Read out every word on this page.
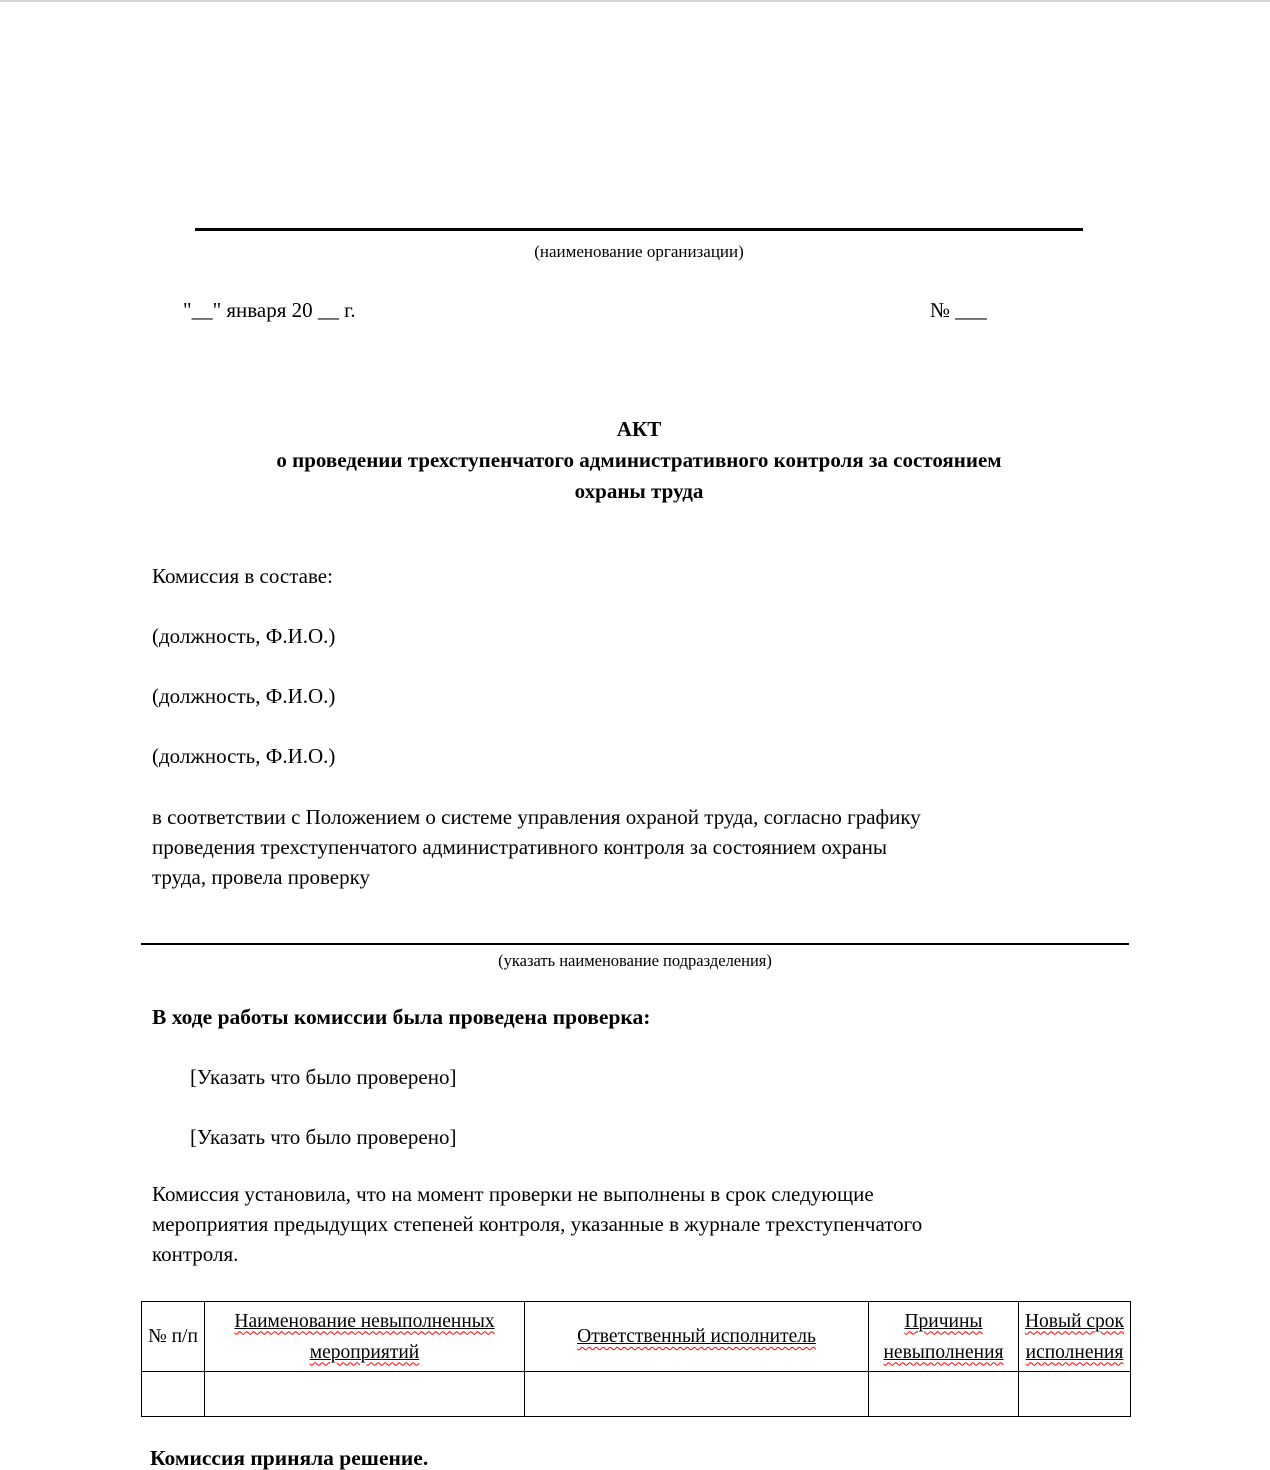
(наименование организации)
"__" января 20 __ г.	№ ___
АКТ
о проведении трехступенчатого административного контроля за состоянием
охраны труда
Комиссия в составе:
(должность, Ф.И.О.)
(должность, Ф.И.О.)
(должность, Ф.И.О.)
в соответствии с Положением о системе управления охраной труда, согласно графику
проведения трехступенчатого административного контроля за состоянием охраны
труда, провела проверку
(указать наименование подразделения)
В ходе работы комиссии была проведена проверка:
[Указать что было проверено]
[Указать что было проверено]
Комиссия установила, что на момент проверки не выполнены в срок следующие
мероприятия предыдущих степеней контроля, указанные в журнале трехступенчатого
контроля.
№ п/п	Наименование невыполненных мероприятий	Ответственный исполнитель	Причины невыполнения	Новый срок исполнения

Комиссия приняла решение.
